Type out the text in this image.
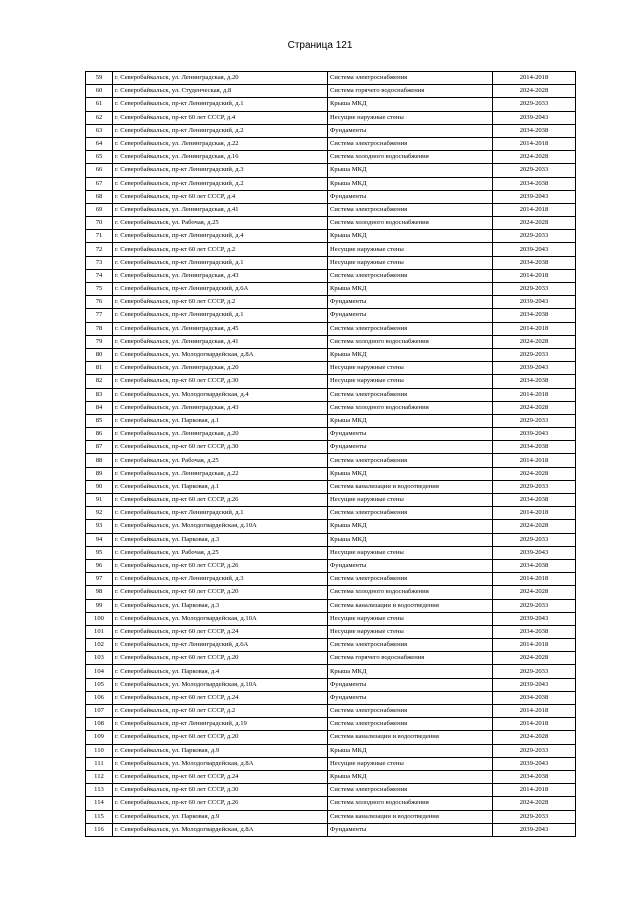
Страница 121
59	г. Северобайкальск, ул. Ленинградская, д.20	Система электроснабжения	2014-2018
60	г. Северобайкальск, ул. Студенческая, д.8	Система горячего водоснабжения	2024-2028
61	г. Северобайкальск, пр-кт Ленинградский, д.1	Крыша МКД	2029-2033
62	г. Северобайкальск, пр-кт 60 лет СССР, д.4	Несущие наружные стены	2039-2043
63	г. Северобайкальск, пр-кт Ленинградский, д.2	Фундаменты	2034-2038
64	г. Северобайкальск, ул. Ленинградская, д.22	Система электроснабжения	2014-2018
65	г. Северобайкальск, ул. Ленинградская, д.16	Система холодного водоснабжения	2024-2028
66	г. Северобайкальск, пр-кт Ленинградский, д.3	Крыша МКД	2029-2033
67	г. Северобайкальск, пр-кт Ленинградский, д.2	Крыша МКД	2034-2038
68	г. Северобайкальск, пр-кт 60 лет СССР, д.4	Фундаменты	2039-2043
69	г. Северобайкальск, ул. Ленинградская, д.41	Система электроснабжения	2014-2018
70	г. Северобайкальск, ул. Рабочая, д.25	Система холодного водоснабжения	2024-2028
71	г. Северобайкальск, пр-кт Ленинградский, д.4	Крыша МКД	2029-2033
72	г. Северобайкальск, пр-кт 60 лет СССР, д.2	Несущие наружные стены	2039-2043
73	г. Северобайкальск, пр-кт Ленинградский, д.1	Несущие наружные стены	2034-2038
74	г. Северобайкальск, ул. Ленинградская, д.43	Система электроснабжения	2014-2018
75	г. Северобайкальск, пр-кт Ленинградский, д.6А	Крыша МКД	2029-2033
76	г. Северобайкальск, пр-кт 60 лет СССР, д.2	Фундаменты	2039-2043
77	г. Северобайкальск, пр-кт Ленинградский, д.1	Фундаменты	2034-2038
78	г. Северобайкальск, ул. Ленинградская, д.45	Система электроснабжения	2014-2018
79	г. Северобайкальск, ул. Ленинградская, д.41	Система холодного водоснабжения	2024-2028
80	г. Северобайкальск, ул. Молодогвардейская, д.8А	Крыша МКД	2029-2033
81	г. Северобайкальск, ул. Ленинградская, д.20	Несущие наружные стены	2039-2043
82	г. Северобайкальск, пр-кт 60 лет СССР, д.30	Несущие наружные стены	2034-2038
83	г. Северобайкальск, ул. Молодогвардейская, д.4	Система электроснабжения	2014-2018
84	г. Северобайкальск, ул. Ленинградская, д.43	Система холодного водоснабжения	2024-2028
85	г. Северобайкальск, ул. Парковая, д.1	Крыша МКД	2029-2033
86	г. Северобайкальск, ул. Ленинградская, д.20	Фундаменты	2039-2043
87	г. Северобайкальск, пр-кт 60 лет СССР, д.30	Фундаменты	2034-2038
88	г. Северобайкальск, ул. Рабочая, д.25	Система электроснабжения	2014-2018
89	г. Северобайкальск, ул. Ленинградская, д.22	Крыша МКД	2024-2028
90	г. Северобайкальск, ул. Парковая, д.1	Система канализации и водоотведения	2029-2033
91	г. Северобайкальск, пр-кт 60 лет СССР, д.26	Несущие наружные стены	2034-2038
92	г. Северобайкальск, пр-кт Ленинградский, д.1	Система электроснабжения	2014-2018
93	г. Северобайкальск, ул. Молодогвардейская, д.10А	Крыша МКД	2024-2028
94	г. Северобайкальск, ул. Парковая, д.3	Крыша МКД	2029-2033
95	г. Северобайкальск, ул. Рабочая, д.25	Несущие наружные стены	2039-2043
96	г. Северобайкальск, пр-кт 60 лет СССР, д.26	Фундаменты	2034-2038
97	г. Северобайкальск, пр-кт Ленинградский, д.3	Система электроснабжения	2014-2018
98	г. Северобайкальск, пр-кт 60 лет СССР, д.20	Система холодного водоснабжения	2024-2028
99	г. Северобайкальск, ул. Парковая, д.3	Система канализации и водоотведения	2029-2033
100	г. Северобайкальск, ул. Молодогвардейская, д.10А	Несущие наружные стены	2039-2043
101	г. Северобайкальск, пр-кт 60 лет СССР, д.24	Несущие наружные стены	2034-2038
102	г. Северобайкальск, пр-кт Ленинградский, д.6А	Система электроснабжения	2014-2018
103	г. Северобайкальск, пр-кт 60 лет СССР, д.20	Система горячего водоснабжения	2024-2028
104	г. Северобайкальск, ул. Парковая, д.4	Крыша МКД	2029-2033
105	г. Северобайкальск, ул. Молодогвардейская, д.10А	Фундаменты	2039-2043
106	г. Северобайкальск, пр-кт 60 лет СССР, д.24	Фундаменты	2034-2038
107	г. Северобайкальск, пр-кт 60 лет СССР, д.2	Система электроснабжения	2014-2018
108	г. Северобайкальск, пр-кт Ленинградский, д.19	Система электроснабжения	2014-2018
109	г. Северобайкальск, пр-кт 60 лет СССР, д.20	Система канализации и водоотведения	2024-2028
110	г. Северобайкальск, ул. Парковая, д.9	Крыша МКД	2029-2033
111	г. Северобайкальск, ул. Молодогвардейская, д.8А	Несущие наружные стены	2039-2043
112	г. Северобайкальск, пр-кт 60 лет СССР, д.24	Крыша МКД	2034-2038
113	г. Северобайкальск, пр-кт 60 лет СССР, д.30	Система электроснабжения	2014-2018
114	г. Северобайкальск, пр-кт 60 лет СССР, д.26	Система холодного водоснабжения	2024-2028
115	г. Северобайкальск, ул. Парковая, д.9	Система канализации и водоотведения	2029-2033
116	г. Северобайкальск, ул. Молодогвардейская, д.8А	Фундаменты	2039-2043
